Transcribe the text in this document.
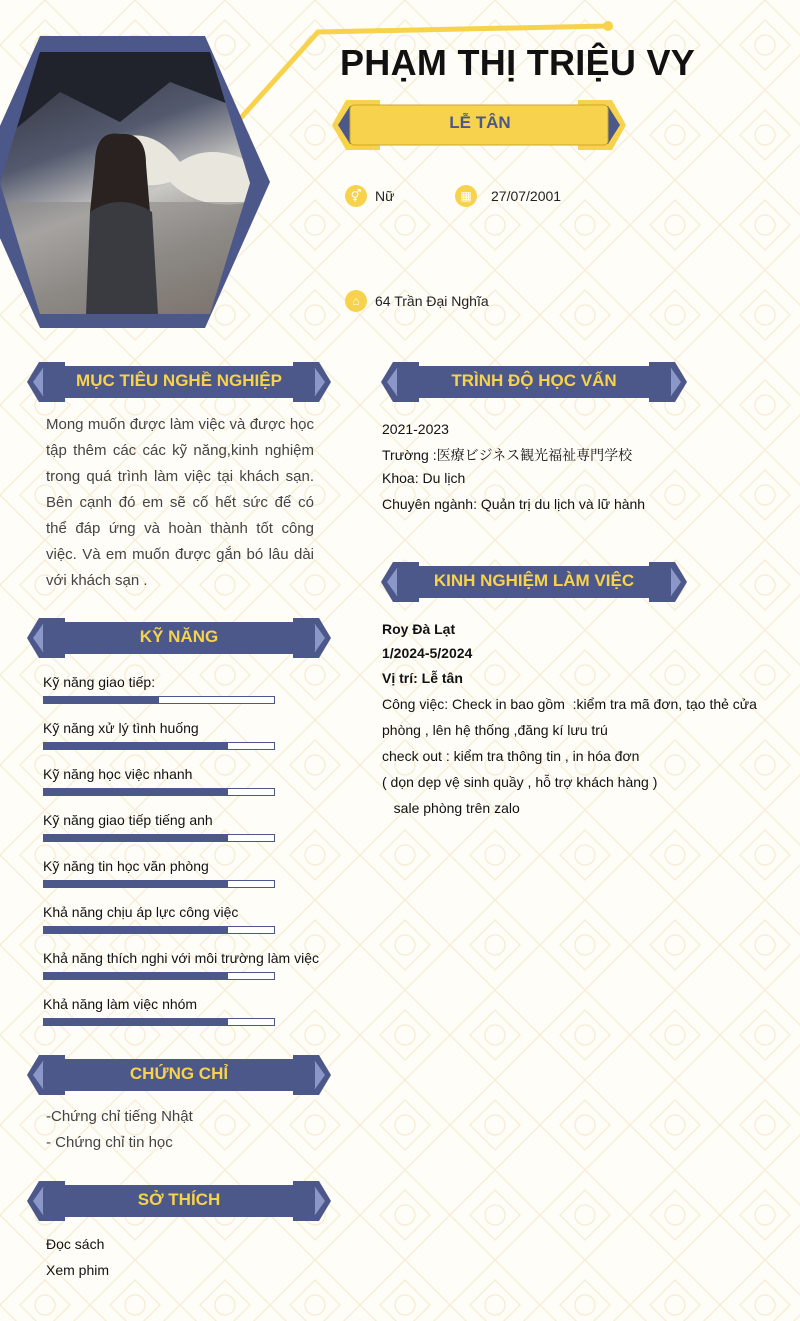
PHẠM THỊ TRIỆU VY
LỄ TÂN
⚥ Nữ	▦	27/07/2001
⌂	64 Trần Đại Nghĩa
MỤC TIÊU NGHỀ NGHIỆP
Mong muốn được làm việc và được học tập thêm các các kỹ năng,kinh nghiệm trong quá trình làm việc tại khách sạn. Bên cạnh đó em sẽ cố hết sức để có thể đáp ứng và hoàn thành tốt công việc. Và em muốn được gắn bó lâu dài với khách sạn .
KỸ NĂNG
Kỹ năng giao tiếp:
Kỹ năng xử lý tình huống
Kỹ năng học việc nhanh
Kỹ năng giao tiếp tiếng anh
Kỹ năng tin học văn phòng
Khả năng chịu áp lực công việc
Khả năng thích nghi với môi trường làm việc
Khả năng làm việc nhóm
CHỨNG CHỈ
-Chứng chỉ tiếng Nhật
- Chứng chỉ tin học
SỞ THÍCH
Đọc sách
Xem phim
TRÌNH ĐỘ HỌC VẤN
2021-2023
Trường :医療ビジネス観光福祉専門学校
Khoa: Du lịch
Chuyên ngành: Quản trị du lịch và lữ hành
KINH NGHIỆM LÀM VIỆC
Roy Đà Lạt
1/2024-5/2024
Vị trí: Lễ tân
Công việc: Check in bao gồm  :kiểm tra mã đơn, tạo thẻ cửa
phòng , lên hệ thống ,đăng kí lưu trú
check out : kiểm tra thông tin , in hóa đơn
( dọn dẹp vệ sinh quầy , hỗ trợ khách hàng )
sale phòng trên zalo
